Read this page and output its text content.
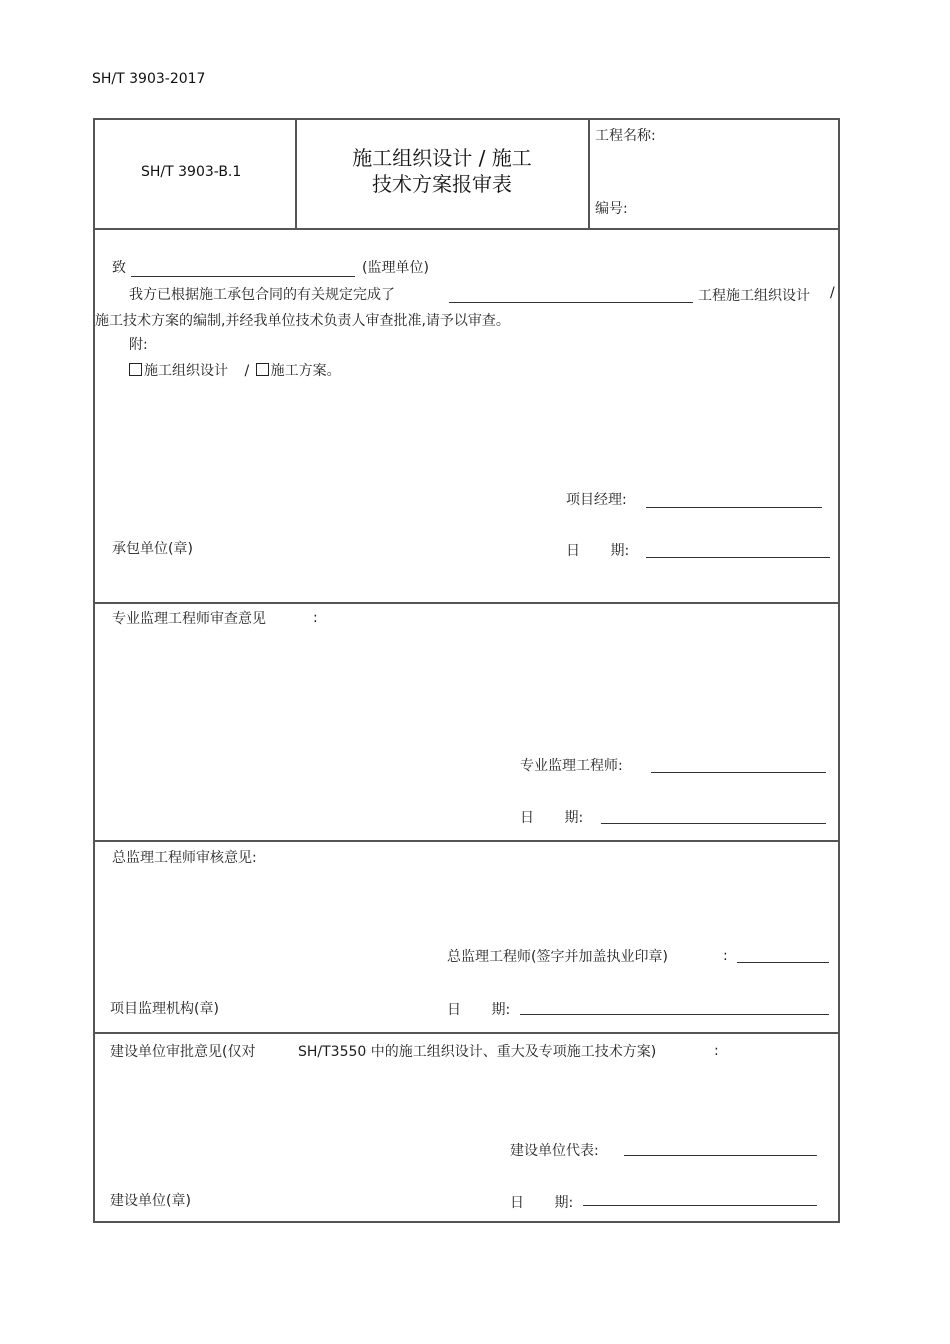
SH/T 3903-2017
SH/T 3903-B.1
施工组织设计 / 施工
技术方案报审表
工程名称:
编号:
致	(监理单位)
我方已根据施工承包合同的有关规定完成了	工程施工组织设计 /
施工技术方案的编制,并经我单位技术负责人审查批准,请予以审查。
附:
施工组织设计 / 施工方案。
项目经理:
承包单位(章)	日 期:
专业监理工程师审查意见	:
专业监理工程师:
日 期:
总监理工程师审核意见:
总监理工程师(签字并加盖执业印章)	:
项目监理机构(章)	日 期:
建设单位审批意见(仅对	SH/T3550 中的施工组织设计、重大及专项施工技术方案)	:
建设单位代表:
建设单位(章)	日 期:
